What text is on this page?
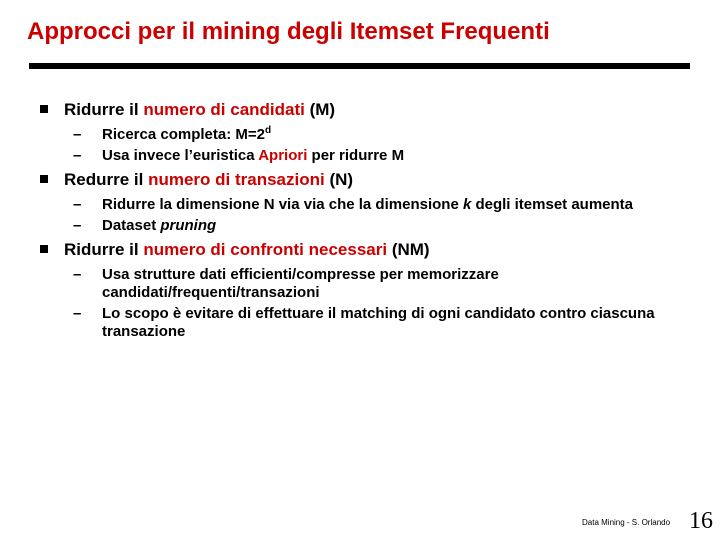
Approcci per il mining degli Itemset Frequenti
Ridurre il numero di candidati (M)
– Ricerca completa: $M=2^d$
– Usa invece l’euristica Apriori per ridurre M
Redurre il numero di transazioni (N)
– Ridurre la dimensione N via via che la dimensione k degli itemset aumenta
– Dataset pruning
Ridurre il numero di confronti necessari (NM)
– Usa strutture dati efficienti/compresse per memorizzare candidati/frequenti/transazioni
– Lo scopo è evitare di effettuare il matching di ogni candidato contro ciascuna transazione
Data Mining - S. Orlando 16
